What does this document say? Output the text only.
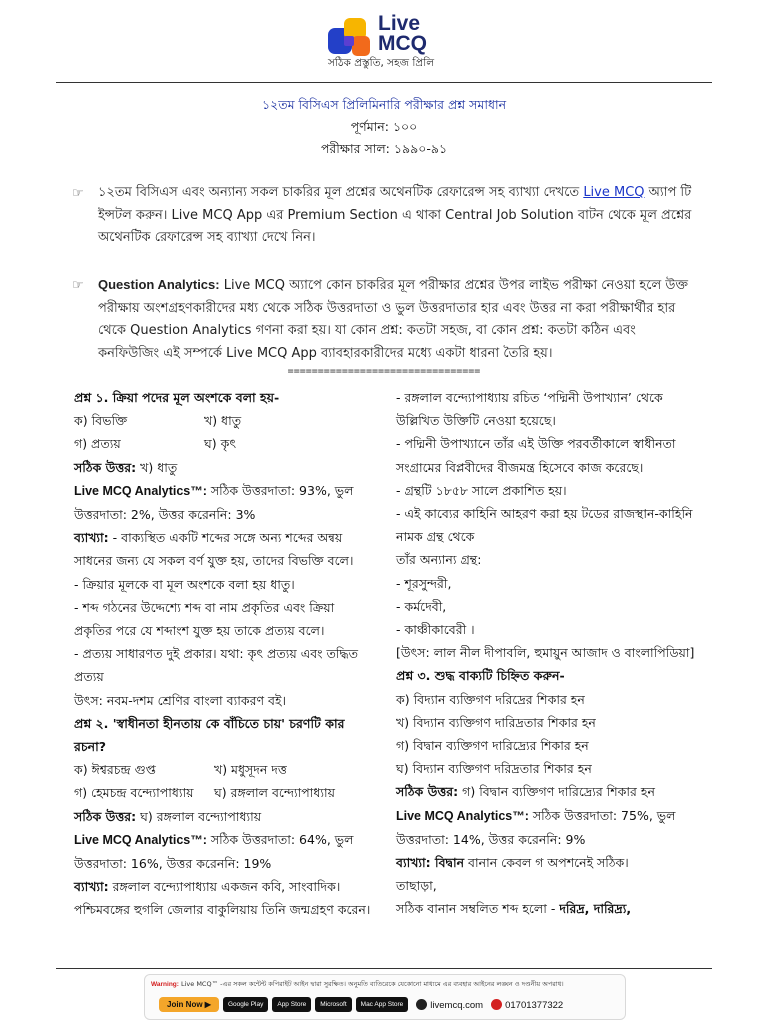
Live
MCQ
সঠিক প্রস্তুতি, সহজ প্রিলি
১২তম বিসিএস প্রিলিমিনারি পরীক্ষার প্রশ্ন সমাধান
পূর্ণমান: ১০০
পরীক্ষার সাল: ১৯৯০-৯১
☞ ১২তম বিসিএস এবং অন্যান্য সকল চাকরির মূল প্রশ্নের অথেনটিক রেফারেন্স সহ ব্যাখ্যা দেখতে Live MCQ অ্যাপ টি ইন্সটল করুন। Live MCQ App এর Premium Section এ থাকা Central Job Solution বাটন থেকে মূল প্রশ্নের অথেনটিক রেফারেন্স সহ ব্যাখ্যা দেখে নিন।
☞ Question Analytics: Live MCQ অ্যাপে কোন চাকরির মূল পরীক্ষার প্রশ্নের উপর লাইভ পরীক্ষা নেওয়া হলে উক্ত পরীক্ষায় অংশগ্রহণকারীদের মধ্য থেকে সঠিক উত্তরদাতা ও ভুল উত্তরদাতার হার এবং উত্তর না করা পরীক্ষার্থীর হার থেকে Question Analytics গণনা করা হয়। যা কোন প্রশ্ন: কতটা সহজ, বা কোন প্রশ্ন: কতটা কঠিন এবং কনফিউজিং এই সম্পর্কে Live MCQ App ব্যাবহারকারীদের মধ্যে একটা ধারনা তৈরি হয়।
================================

প্রশ্ন ১. ক্রিয়া পদের মূল অংশকে বলা হয়-

ক) বিভক্তি	খ) ধাতু
গ) প্রত্যয়	ঘ) কৃৎ

সঠিক উত্তর: খ) ধাতু

Live MCQ Analytics™: সঠিক উত্তরদাতা: 93%, ভুল উত্তরদাতা: 2%, উত্তর করেননি: 3%

ব্যাখ্যা: - বাক্যস্থিত একটি শব্দের সঙ্গে অন্য শব্দের অন্বয় সাধনের জন্য যে সকল বর্ণ যুক্ত হয়, তাদের বিভক্তি বলে।

- ক্রিয়ার মূলকে বা মূল অংশকে বলা হয় ধাতু।

- শব্দ গঠনের উদ্দেশ্যে শব্দ বা নাম প্রকৃতির এবং ক্রিয়া প্রকৃতির পরে যে শব্দাংশ যুক্ত হয় তাকে প্রত্যয় বলে।

- প্রত্যয় সাধারণত দুই প্রকার। যথা: কৃৎ প্রত্যয় এবং তদ্ধিত প্রত্যয়

উৎস: নবম-দশম শ্রেণির বাংলা ব্যাকরণ বই।

প্রশ্ন ২. 'স্বাধীনতা হীনতায় কে বাঁচিতে চায়' চরণটি কার রচনা?

ক) ঈশ্বরচন্দ্র গুপ্ত	খ) মধুসূদন দত্ত
গ) হেমচন্দ্র বন্দ্যোপাধ্যায়	ঘ) রঙ্গলাল বন্দ্যোপাধ্যায়

সঠিক উত্তর: ঘ) রঙ্গলাল বন্দ্যোপাধ্যায়

Live MCQ Analytics™: সঠিক উত্তরদাতা: 64%, ভুল উত্তরদাতা: 16%, উত্তর করেননি: 19%

ব্যাখ্যা: রঙ্গলাল বন্দ্যোপাধ্যায় একজন কবি, সাংবাদিক। পশ্চিমবঙ্গের হুগলি জেলার বাকুলিয়ায় তিনি জন্মগ্রহণ করেন।

- রঙ্গলাল বন্দ্যোপাধ্যায় রচিত ‘পদ্মিনী উপাখ্যান’ থেকে উল্লিখিত উক্তিটি নেওয়া হয়েছে।

- পদ্মিনী উপাখ্যানে তাঁর এই উক্তি পরবর্তীকালে স্বাধীনতা সংগ্রামের বিপ্লবীদের বীজমন্ত্র হিসেবে কাজ করেছে।

- গ্রন্থটি ১৮৫৮ সালে প্রকাশিত হয়।

- এই কাব্যের কাহিনি আহরণ করা হয় টডের রাজস্থান-কাহিনি নামক গ্রন্থ থেকে

তাঁর অন্যান্য গ্রন্থ:

- শূরসুন্দরী,

- কর্মদেবী,

- কাঞ্চীকাবেরী ।

[উৎস: লাল নীল দীপাবলি, হুমায়ুন আজাদ ও বাংলাপিডিয়া]

প্রশ্ন ৩. শুদ্ধ বাক্যটি চিহ্নিত করুন-

ক) বিদ্যান ব্যক্তিগণ দরিদ্রের শিকার হন

খ) বিদ্যান ব্যক্তিগণ দারিদ্রতার শিকার হন

গ) বিদ্বান ব্যক্তিগণ দারিদ্র্যের শিকার হন

ঘ) বিদ্যান ব্যক্তিগণ দরিদ্রতার শিকার হন

সঠিক উত্তর: গ) বিদ্বান ব্যক্তিগণ দারিদ্র্যের শিকার হন

Live MCQ Analytics™: সঠিক উত্তরদাতা: 75%, ভুল উত্তরদাতা: 14%, উত্তর করেননি: 9%

ব্যাখ্যা: বিদ্বান বানান কেবল গ অপশনেই সঠিক।

তাছাড়া,

সঠিক বানান সম্বলিত শব্দ হলো - দরিদ্র, দারিদ্র্য,

Warning: Live MCQ™ -এর সকল কন্টেন্ট কপিরাইট আইন দ্বারা সুরক্ষিত। অনুমতি ব্যতিরেকে যেকোনো মাধ্যমে এর ব্যবহার আইনের লঙ্ঘন ও দণ্ডনীয় অপরাধ।
Join Now ▶	Google Play	App Store	Microsoft	Mac App Store	livemcq.com	01701377322
